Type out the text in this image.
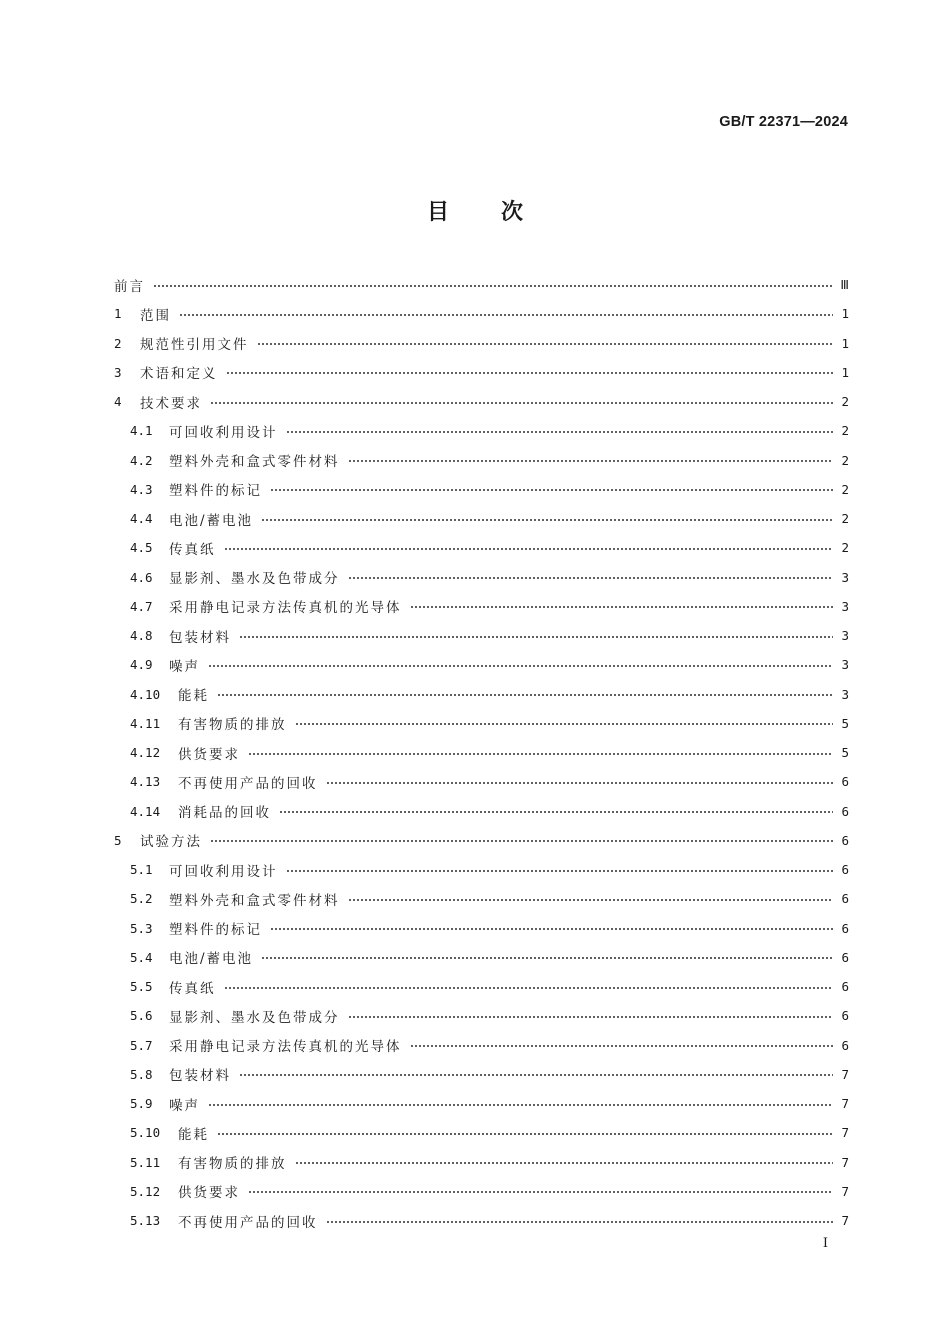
GB/T 22371—2024
目 次
前言	Ⅲ
1	范围	1
2	规范性引用文件	1
3	术语和定义	1
4	技术要求	2
4.1	可回收利用设计	2
4.2	塑料外壳和盒式零件材料	2
4.3	塑料件的标记	2
4.4	电池/蓄电池	2
4.5	传真纸	2
4.6	显影剂、墨水及色带成分	3
4.7	采用静电记录方法传真机的光导体	3
4.8	包装材料	3
4.9	噪声	3
4.10	能耗	3
4.11	有害物质的排放	5
4.12	供货要求	5
4.13	不再使用产品的回收	6
4.14	消耗品的回收	6
5	试验方法	6
5.1	可回收利用设计	6
5.2	塑料外壳和盒式零件材料	6
5.3	塑料件的标记	6
5.4	电池/蓄电池	6
5.5	传真纸	6
5.6	显影剂、墨水及色带成分	6
5.7	采用静电记录方法传真机的光导体	6
5.8	包装材料	7
5.9	噪声	7
5.10	能耗	7
5.11	有害物质的排放	7
5.12	供货要求	7
5.13	不再使用产品的回收	7
Ⅰ
